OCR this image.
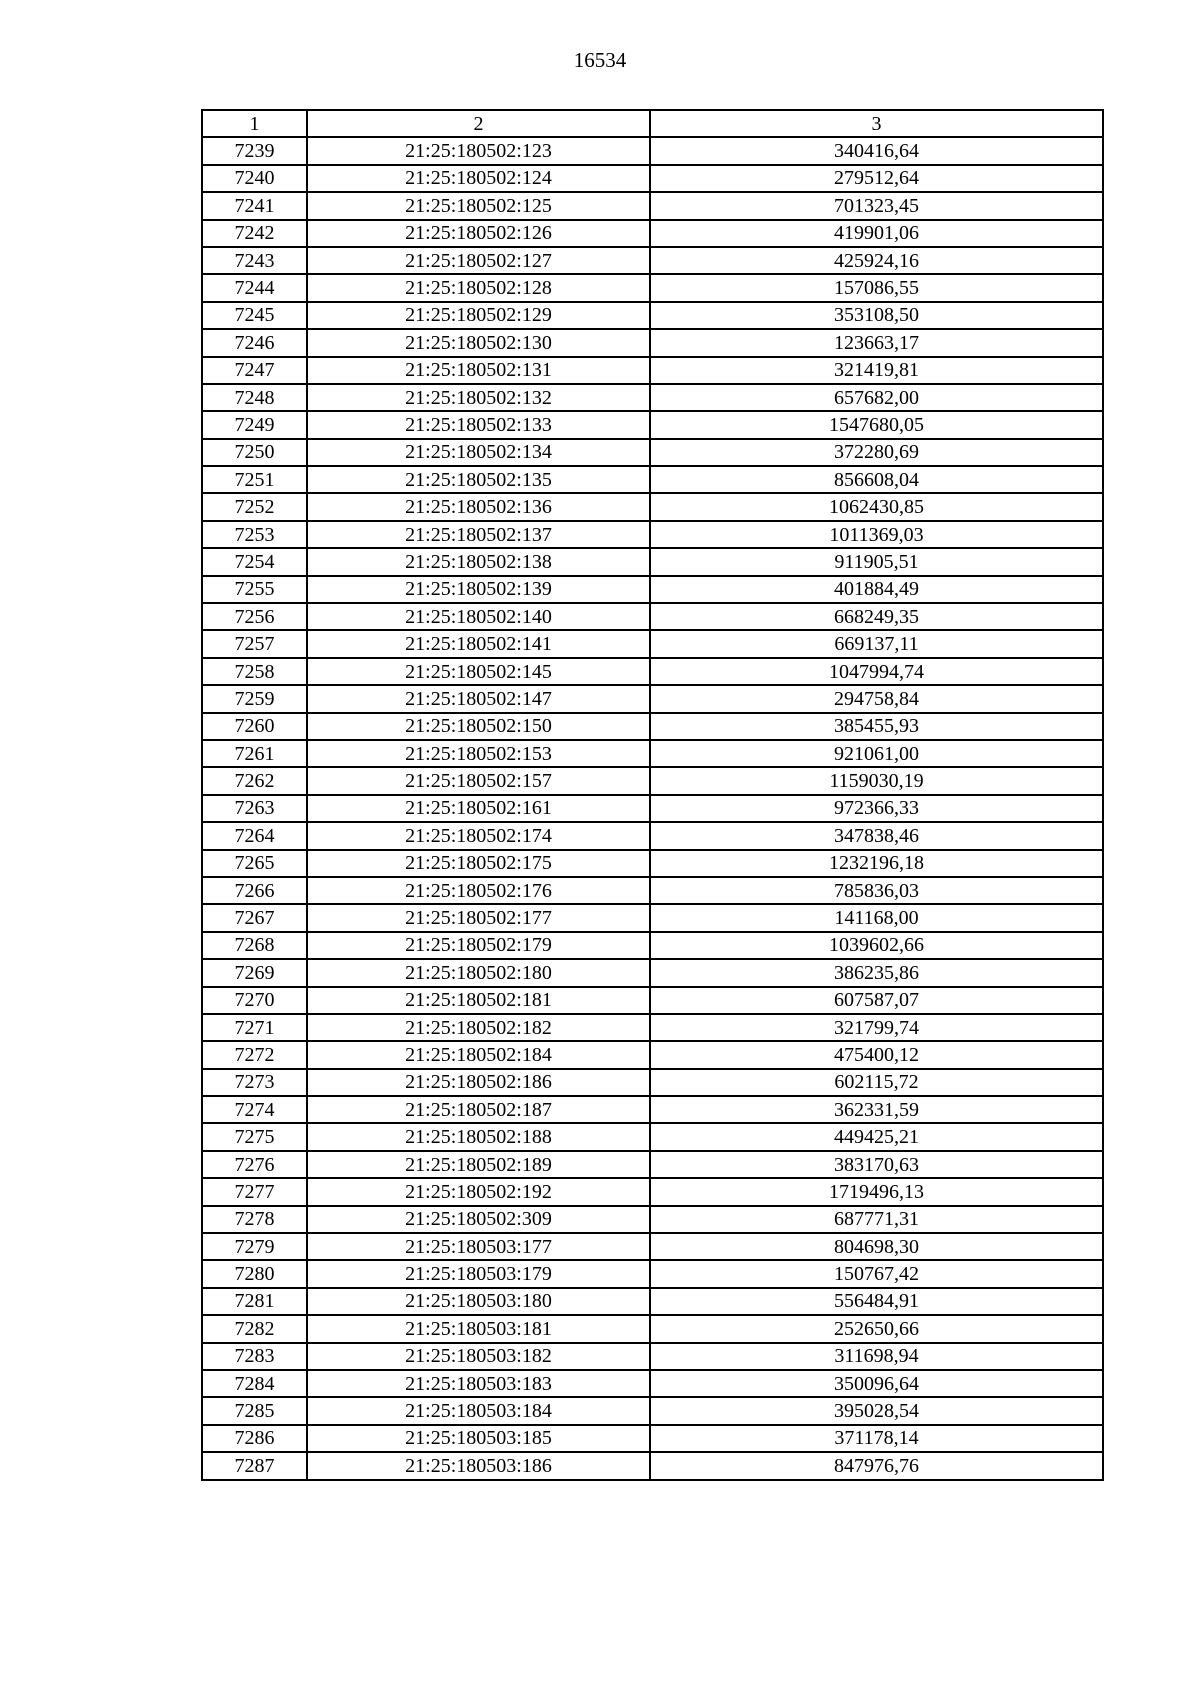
16534
1	2	3
7239	21:25:180502:123	340416,64
7240	21:25:180502:124	279512,64
7241	21:25:180502:125	701323,45
7242	21:25:180502:126	419901,06
7243	21:25:180502:127	425924,16
7244	21:25:180502:128	157086,55
7245	21:25:180502:129	353108,50
7246	21:25:180502:130	123663,17
7247	21:25:180502:131	321419,81
7248	21:25:180502:132	657682,00
7249	21:25:180502:133	1547680,05
7250	21:25:180502:134	372280,69
7251	21:25:180502:135	856608,04
7252	21:25:180502:136	1062430,85
7253	21:25:180502:137	1011369,03
7254	21:25:180502:138	911905,51
7255	21:25:180502:139	401884,49
7256	21:25:180502:140	668249,35
7257	21:25:180502:141	669137,11
7258	21:25:180502:145	1047994,74
7259	21:25:180502:147	294758,84
7260	21:25:180502:150	385455,93
7261	21:25:180502:153	921061,00
7262	21:25:180502:157	1159030,19
7263	21:25:180502:161	972366,33
7264	21:25:180502:174	347838,46
7265	21:25:180502:175	1232196,18
7266	21:25:180502:176	785836,03
7267	21:25:180502:177	141168,00
7268	21:25:180502:179	1039602,66
7269	21:25:180502:180	386235,86
7270	21:25:180502:181	607587,07
7271	21:25:180502:182	321799,74
7272	21:25:180502:184	475400,12
7273	21:25:180502:186	602115,72
7274	21:25:180502:187	362331,59
7275	21:25:180502:188	449425,21
7276	21:25:180502:189	383170,63
7277	21:25:180502:192	1719496,13
7278	21:25:180502:309	687771,31
7279	21:25:180503:177	804698,30
7280	21:25:180503:179	150767,42
7281	21:25:180503:180	556484,91
7282	21:25:180503:181	252650,66
7283	21:25:180503:182	311698,94
7284	21:25:180503:183	350096,64
7285	21:25:180503:184	395028,54
7286	21:25:180503:185	371178,14
7287	21:25:180503:186	847976,76
